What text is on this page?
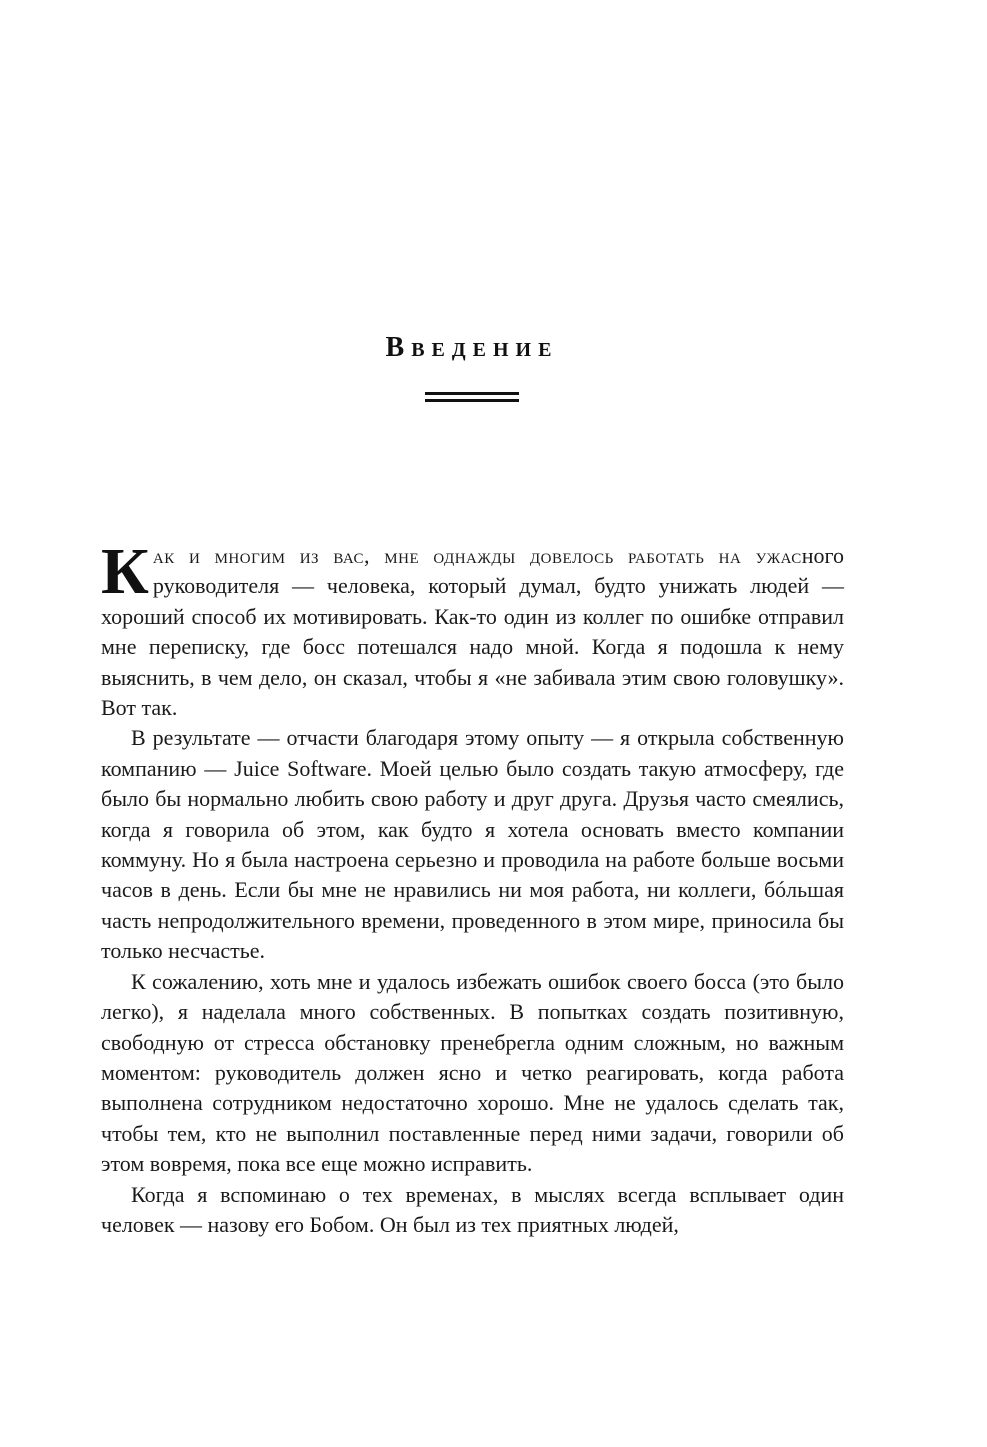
Введение

Как и многим из вас, мне однажды довелось работать на ужасного руководителя — человека, который думал, будто унижать людей — хороший способ их мотивировать. Как-то один из коллег по ошибке отправил мне переписку, где босс потешался надо мной. Когда я подошла к нему выяснить, в чем дело, он сказал, чтобы я «не забивала этим свою головушку». Вот так.

В результате — отчасти благодаря этому опыту — я открыла собственную компанию — Juice Software. Моей целью было создать такую атмосферу, где было бы нормально любить свою работу и друг друга. Друзья часто смеялись, когда я говорила об этом, как будто я хотела основать вместо компании коммуну. Но я была настроена серьезно и проводила на работе больше восьми часов в день. Если бы мне не нравились ни моя работа, ни коллеги, бóльшая часть непродолжительного времени, проведенного в этом мире, приносила бы только несчастье.

К сожалению, хоть мне и удалось избежать ошибок своего босса (это было легко), я наделала много собственных. В попытках создать позитивную, свободную от стресса обстановку пренебрегла одним сложным, но важным моментом: руководитель должен ясно и четко реагировать, когда работа выполнена сотрудником недостаточно хорошо. Мне не удалось сделать так, чтобы тем, кто не выполнил поставленные перед ними задачи, говорили об этом вовремя, пока все еще можно исправить.

Когда я вспоминаю о тех временах, в мыслях всегда всплывает один человек — назову его Бобом. Он был из тех приятных людей,
